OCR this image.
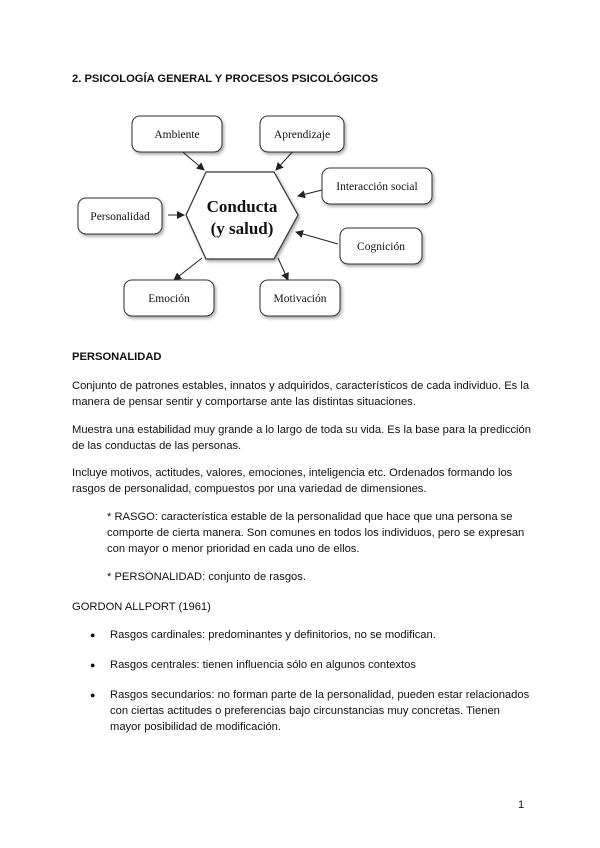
2. PSICOLOGÍA GENERAL Y PROCESOS PSICOLÓGICOS
Conducta
(y salud)
Ambiente	Aprendizaje
Interacción social
Personalidad
Cognición
Emoción	Motivación
PERSONALIDAD

Conjunto de patrones estables, innatos y adquiridos, característicos de cada individuo. Es la manera de pensar sentir y comportarse ante las distintas situaciones.

Muestra una estabilidad muy grande a lo largo de toda su vida. Es la base para la predicción de las conductas de las personas.

Incluye motivos, actitudes, valores, emociones, inteligencia etc. Ordenados formando los rasgos de personalidad, compuestos por una variedad de dimensiones.

* RASGO: característica estable de la personalidad que hace que una persona se comporte de cierta manera. Son comunes en todos los individuos, pero se expresan con mayor o menor prioridad en cada uno de ellos.

* PERSONALIDAD: conjunto de rasgos.

GORDON ALLPORT (1961)
● Rasgos cardinales: predominantes y definitorios, no se modifican.
● Rasgos centrales: tienen influencia sólo en algunos contextos
● Rasgos secundarios: no forman parte de la personalidad, pueden estar relacionados con ciertas actitudes o preferencias bajo circunstancias muy concretas. Tienen mayor posibilidad de modificación.
1
